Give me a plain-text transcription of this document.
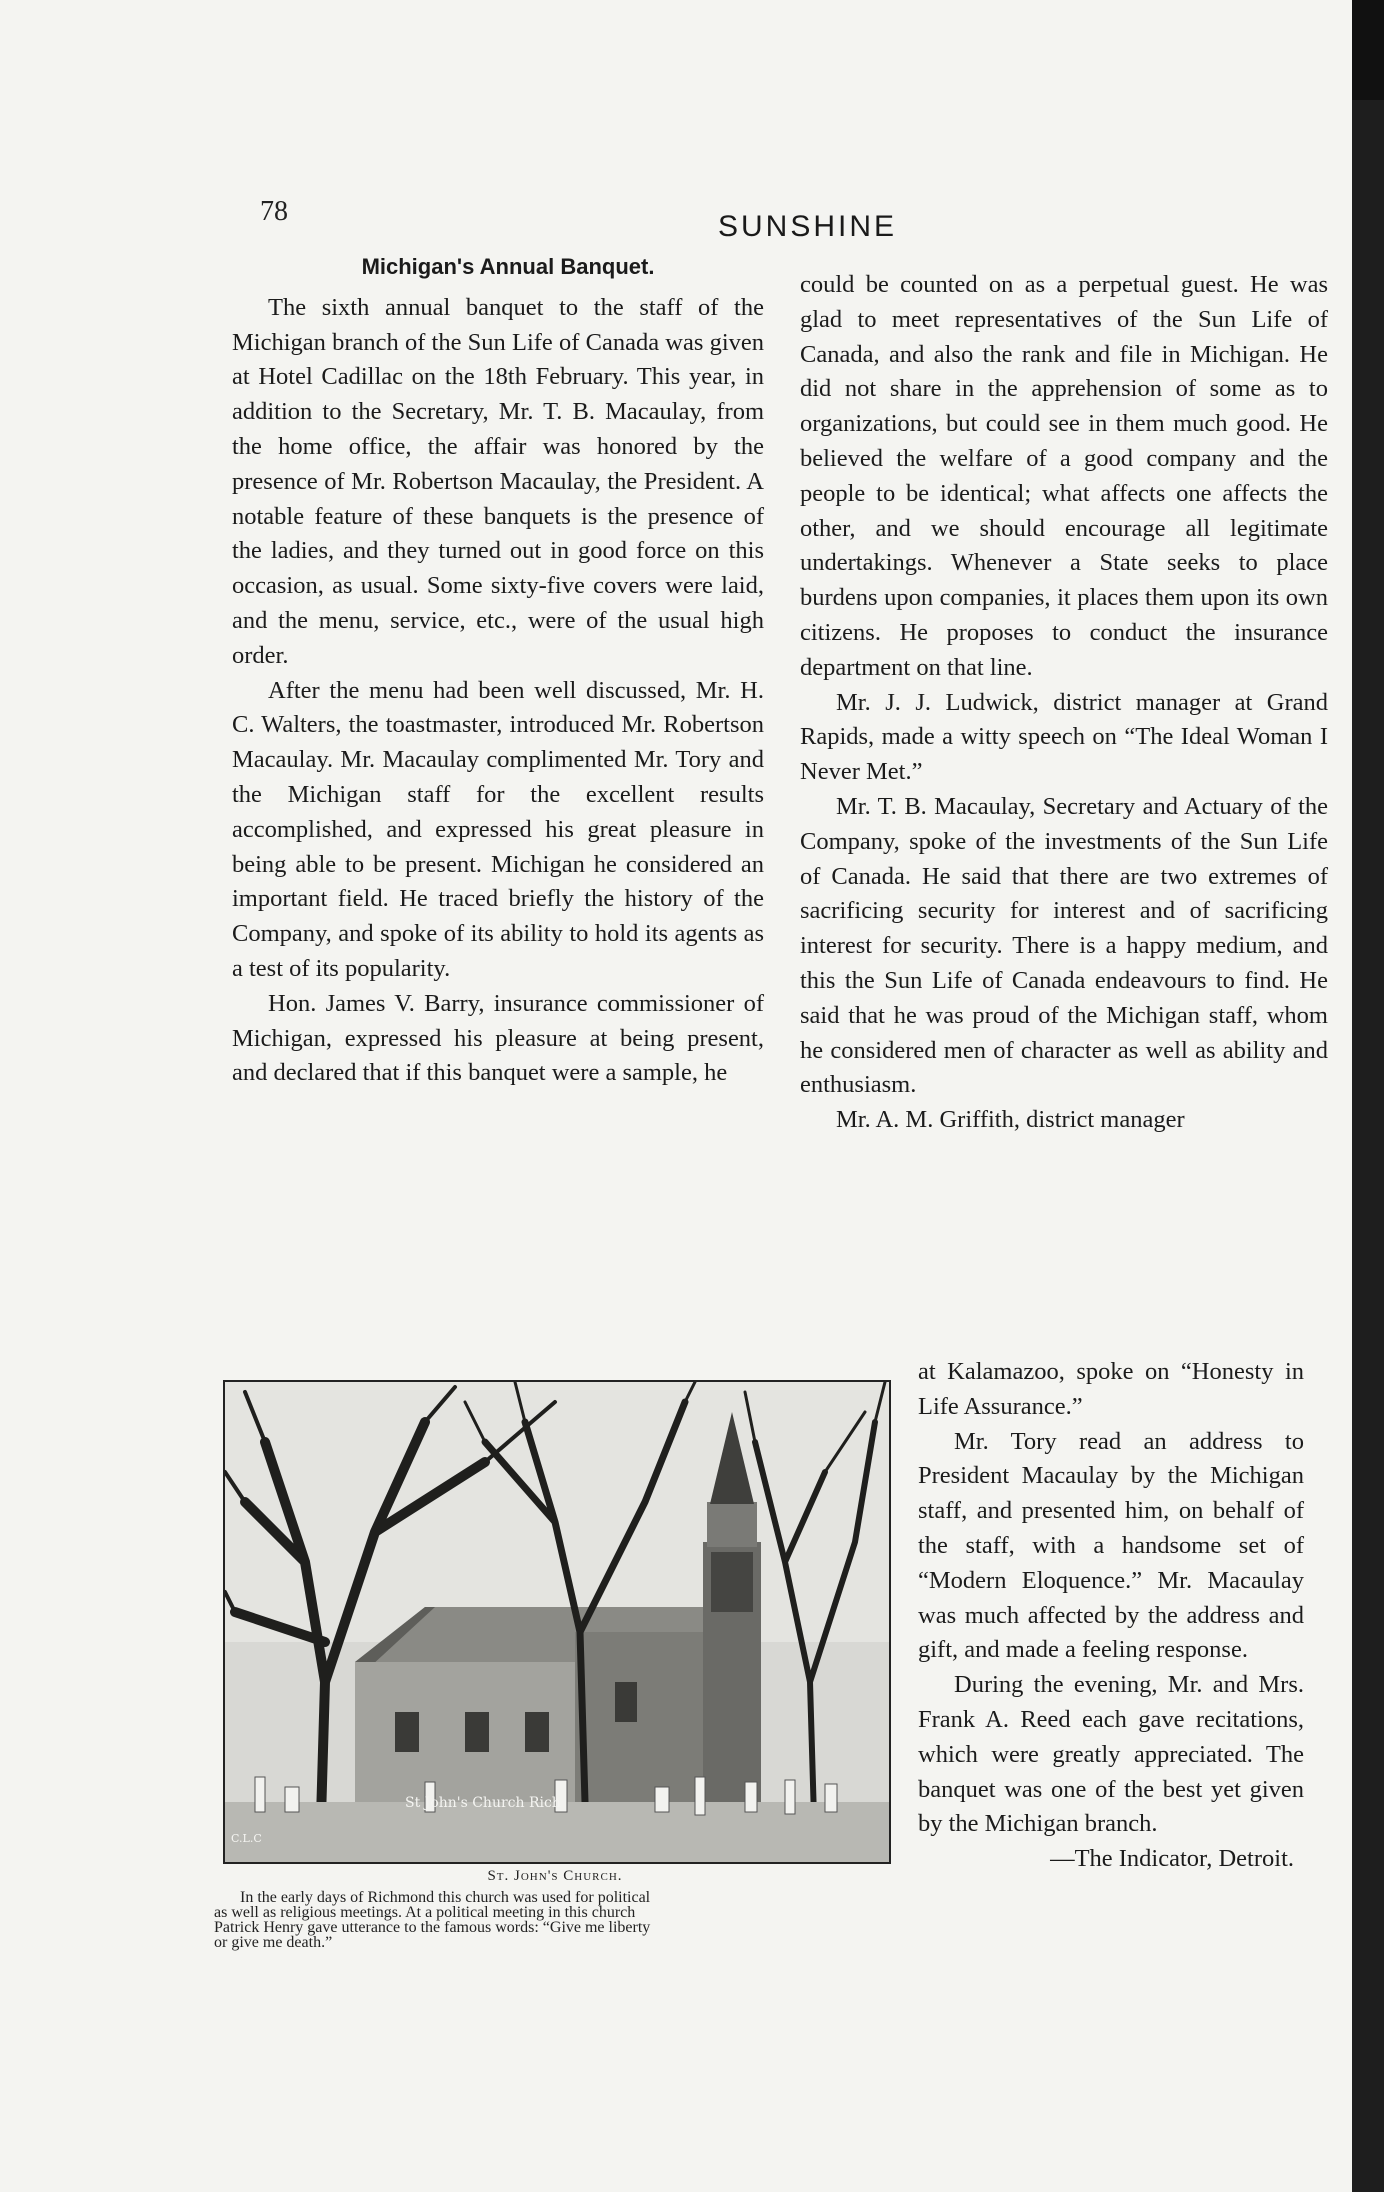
78	SUNSHINE

Michigan's Annual Banquet.

The sixth annual banquet to the staff of the Michigan branch of the Sun Life of Canada was given at Hotel Cadillac on the 18th February. This year, in addition to the Secretary, Mr. T. B. Macaulay, from the home office, the affair was honored by the presence of Mr. Robertson Macaulay, the President. A notable feature of these banquets is the presence of the ladies, and they turned out in good force on this occasion, as usual. Some sixty-five covers were laid, and the menu, service, etc., were of the usual high order.

After the menu had been well discussed, Mr. H. C. Walters, the toastmaster, introduced Mr. Robertson Macaulay. Mr. Macaulay complimented Mr. Tory and the Michigan staff for the excellent results accomplished, and expressed his great pleasure in being able to be present. Michigan he considered an important field. He traced briefly the history of the Company, and spoke of its ability to hold its agents as a test of its popularity.

Hon. James V. Barry, insurance commissioner of Michigan, expressed his pleasure at being present, and declared that if this banquet were a sample, he

could be counted on as a perpetual guest. He was glad to meet representatives of the Sun Life of Canada, and also the rank and file in Michigan. He did not share in the apprehension of some as to organizations, but could see in them much good. He believed the welfare of a good company and the people to be identical; what affects one affects the other, and we should encourage all legitimate undertakings. Whenever a State seeks to place burdens upon companies, it places them upon its own citizens. He proposes to conduct the insurance department on that line.

Mr. J. J. Ludwick, district manager at Grand Rapids, made a witty speech on “The Ideal Woman I Never Met.”

Mr. T. B. Macaulay, Secretary and Actuary of the Company, spoke of the investments of the Sun Life of Canada. He said that there are two extremes of sacrificing security for interest and of sacrificing interest for security. There is a happy medium, and this the Sun Life of Canada endeavours to find. He said that he was proud of the Michigan staff, whom he considered men of character as well as ability and enthusiasm.

Mr. A. M. Griffith, district manager

at Kalamazoo, spoke on “Honesty in Life Assurance.”

Mr. Tory read an address to President Macaulay by the Michigan staff, and presented him, on behalf of the staff, with a handsome set of “Modern Eloquence.” Mr. Macaulay was much affected by the address and gift, and made a feeling response.

During the evening, Mr. and Mrs. Frank A. Reed each gave recitations, which were greatly appreciated. The banquet was one of the best yet given by the Michigan branch.

—The Indicator, Detroit.

St John's Church Rich
C.L.C
St. John's Church.
In the early days of Richmond this church was used for political
as well as religious meetings. At a political meeting in this church
Patrick Henry gave utterance to the famous words: “Give me liberty
or give me death.”
